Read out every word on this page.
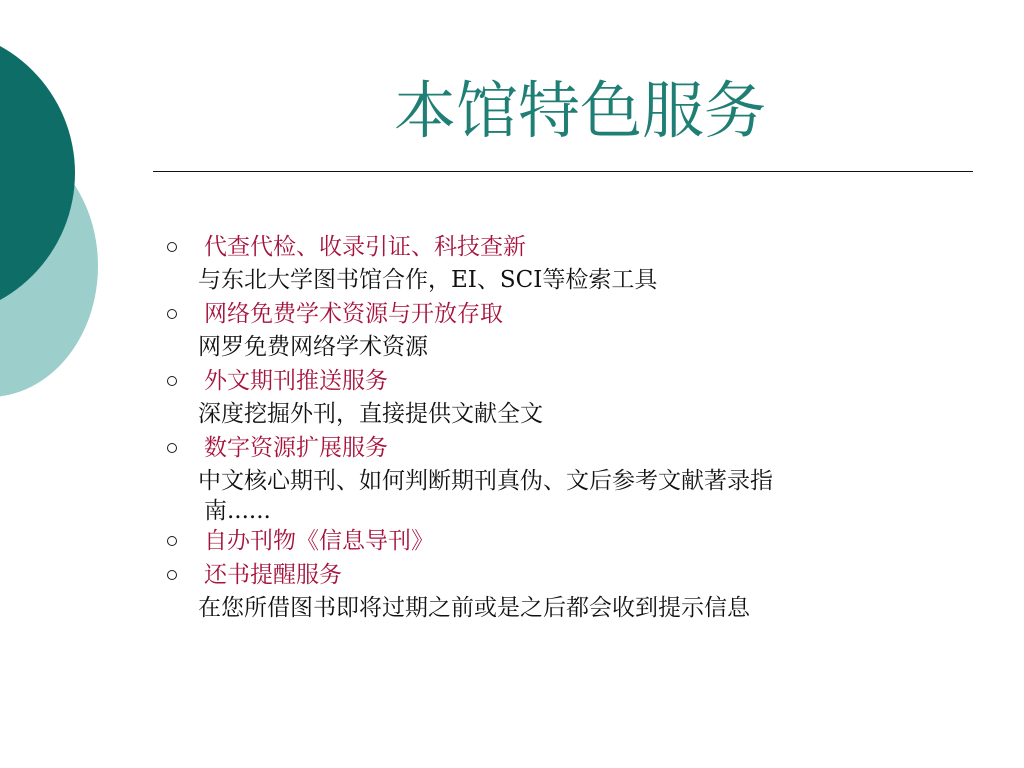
本馆特色服务
代查代检、收录引证、科技查新
与东北大学图书馆合作，EI、SCI等检索工具
网络免费学术资源与开放存取
网罗免费网络学术资源
外文期刊推送服务
深度挖掘外刊，直接提供文献全文
数字资源扩展服务
中文核心期刊、如何判断期刊真伪、文后参考文献著录指
南......
自办刊物《信息导刊》
还书提醒服务
在您所借图书即将过期之前或是之后都会收到提示信息
